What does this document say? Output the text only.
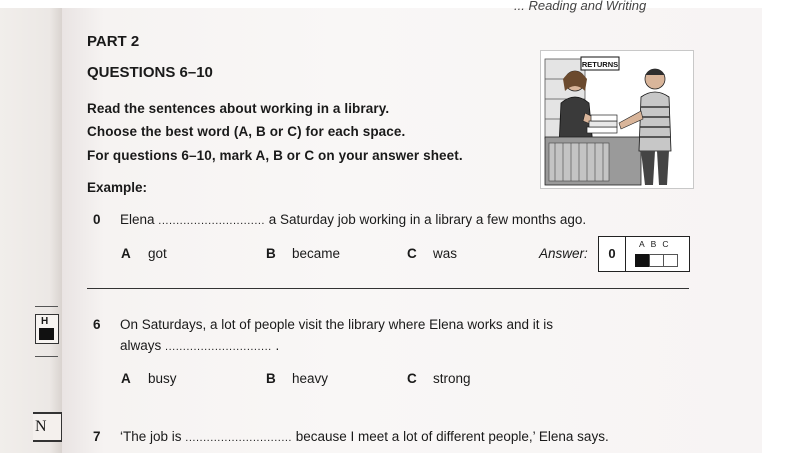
H
N
... Reading and Writing
PART 2
QUESTIONS 6–10
Read the sentences about working in a library.
Choose the best word (A, B or C) for each space.
For questions 6–10, mark A, B or C on your answer sheet.
RETURNS
Example:
0 Elena .............................. a Saturday job working in a library a few months ago.
A got	B became	C was	Answer:	0
ABC
6 On Saturdays, a lot of people visit the library where Elena works and it is
always .............................. .
A busy	B heavy	C strong
7 ‘The job is .............................. because I meet a lot of different people,’ Elena says.
